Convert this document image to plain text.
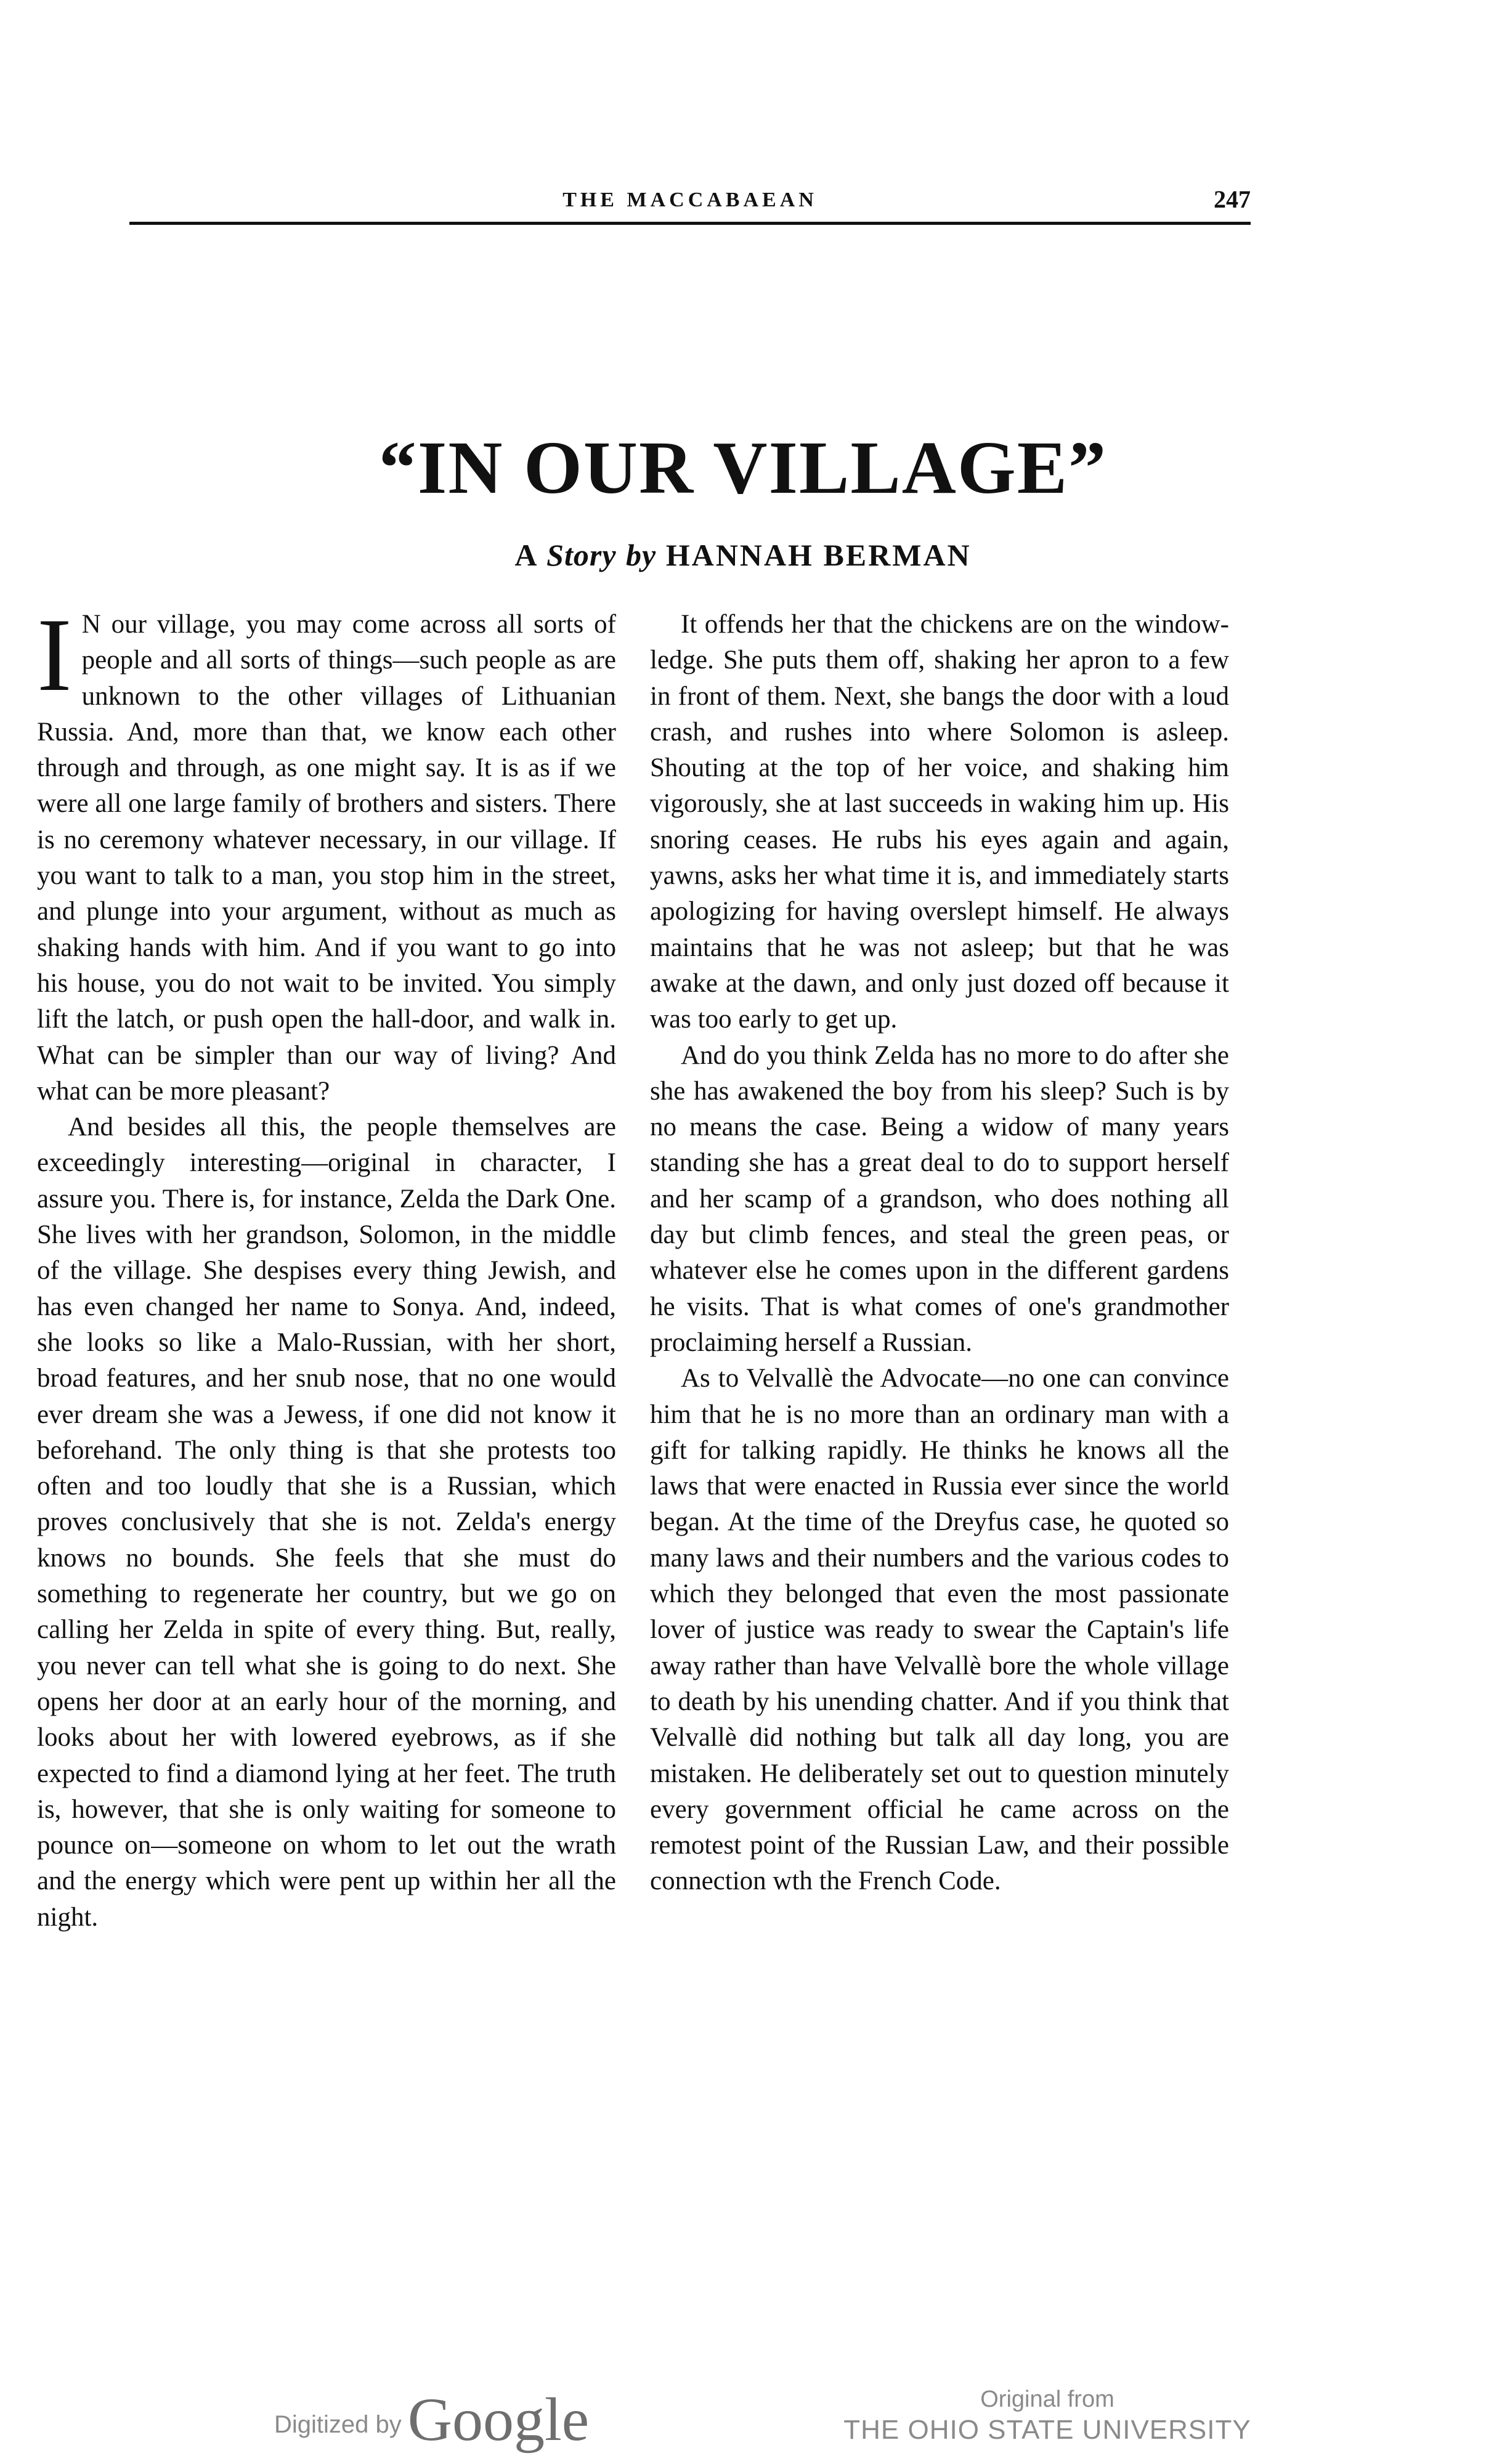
THE MACCABAEAN	247
“IN OUR VILLAGE”
A Story by HANNAH BERMAN

I N our village, you may come across all sorts of people and all sorts of things—such people as are unknown to the other villages of Lithuanian Russia. And, more than that, we know each other through and through, as one might say. It is as if we were all one large family of brothers and sisters. There is no ceremony whatever necessary, in our village. If you want to talk to a man, you stop him in the street, and plunge into your argument, without as much as shaking hands with him. And if you want to go into his house, you do not wait to be invited. You simply lift the latch, or push open the hall-door, and walk in. What can be simpler than our way of living? And what can be more pleasant?

And besides all this, the people themselves are exceedingly interesting—original in character, I assure you. There is, for instance, Zelda the Dark One. She lives with her grandson, Solomon, in the middle of the village. She despises every thing Jewish, and has even changed her name to Sonya. And, indeed, she looks so like a Malo-Russian, with her short, broad features, and her snub nose, that no one would ever dream she was a Jewess, if one did not know it beforehand. The only thing is that she protests too often and too loudly that she is a Russian, which proves conclusively that she is not. Zelda's energy knows no bounds. She feels that she must do something to regenerate her country, but we go on calling her Zelda in spite of every thing. But, really, you never can tell what she is going to do next. She opens her door at an early hour of the morning, and looks about her with lowered eyebrows, as if she expected to find a diamond lying at her feet. The truth is, however, that she is only waiting for someone to pounce on—someone on whom to let out the wrath and the energy which were pent up within her all the night.

It offends her that the chickens are on the window-ledge. She puts them off, shaking her apron to a few in front of them. Next, she bangs the door with a loud crash, and rushes into where Solomon is asleep. Shouting at the top of her voice, and shaking him vigorously, she at last succeeds in waking him up. His snoring ceases. He rubs his eyes again and again, yawns, asks her what time it is, and immediately starts apologizing for having overslept himself. He always maintains that he was not asleep; but that he was awake at the dawn, and only just dozed off because it was too early to get up.

And do you think Zelda has no more to do after she she has awakened the boy from his sleep? Such is by no means the case. Being a widow of many years standing she has a great deal to do to support herself and her scamp of a grandson, who does nothing all day but climb fences, and steal the green peas, or whatever else he comes upon in the different gardens he visits. That is what comes of one's grandmother proclaiming herself a Russian.

As to Velvallè the Advocate—no one can convince him that he is no more than an ordinary man with a gift for talking rapidly. He thinks he knows all the laws that were enacted in Russia ever since the world began. At the time of the Dreyfus case, he quoted so many laws and their numbers and the various codes to which they belonged that even the most passionate lover of justice was ready to swear the Captain's life away rather than have Velvallè bore the whole village to death by his unending chatter. And if you think that Velvallè did nothing but talk all day long, you are mistaken. He deliberately set out to question minutely every government official he came across on the remotest point of the Russian Law, and their possible connection wth the French Code.

Digitized by Google	Original from
THE OHIO STATE UNIVERSITY
